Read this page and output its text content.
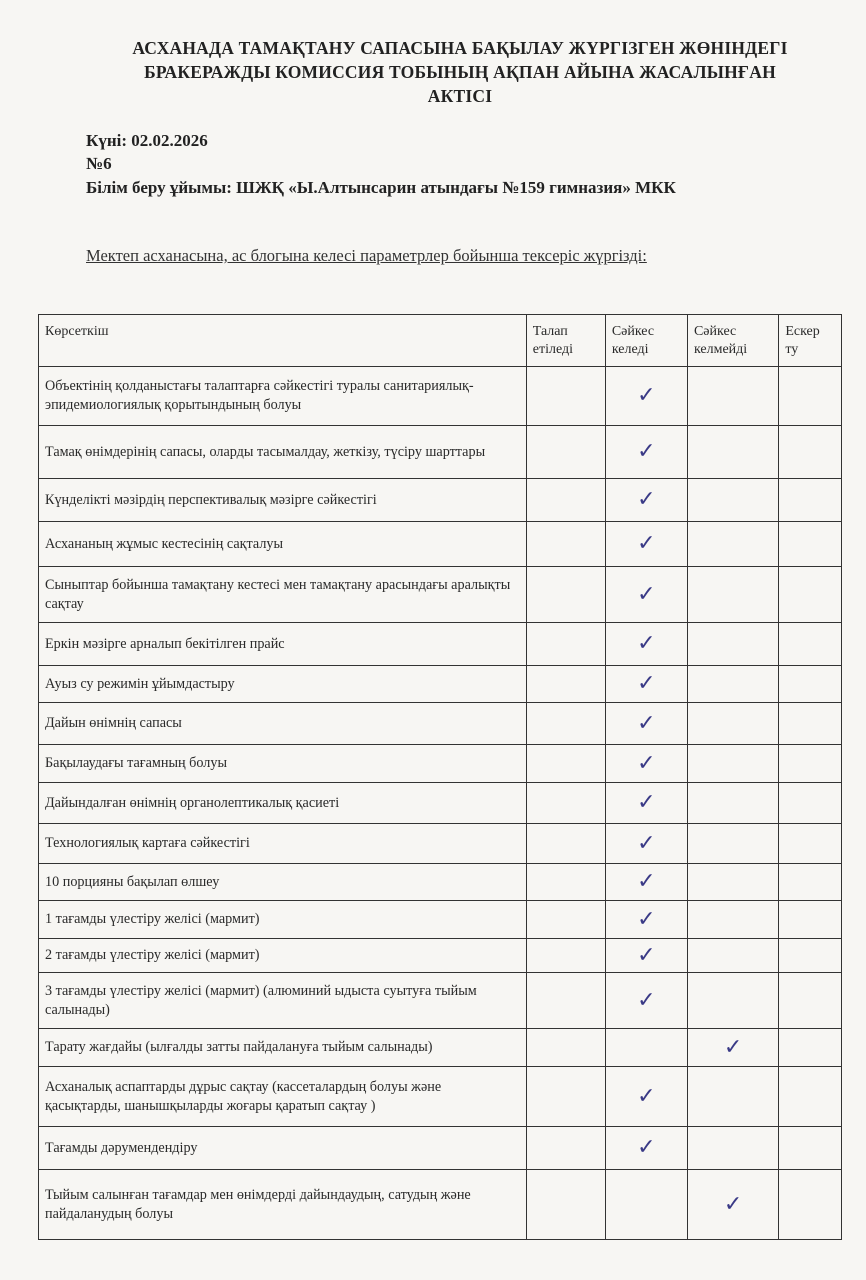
АСХАНАДА ТАМАҚТАНУ САПАСЫНА БАҚЫЛАУ ЖҮРГІЗГЕН ЖӨНІНДЕГІ
БРАКЕРАЖДЫ КОМИССИЯ ТОБЫНЫҢ АҚПАН АЙЫНА ЖАСАЛЫНҒАН
АКТІСІ
Күні: 02.02.2026
№6
Білім беру ұйымы: ШЖҚ «Ы.Алтынсарин атындағы №159 гимназия» МКК
Мектеп асханасына, ас блогына келесі параметрлер бойынша тексеріс жүргізді:
Көрсеткіш	Талап етіледі	Сәйкес келеді	Сәйкес келмейді	Ескер ту
Объектінің қолданыстағы талаптарға сәйкестігі туралы санитариялық-эпидемиологиялық қорытындының болуы		✓		

Тамақ өнімдерінің сапасы, оларды тасымалдау, жеткізу, түсіру шарттары		✓		

Күнделікті мәзірдің перспективалық мәзірге сәйкестігі		✓		

Асхананың жұмыс кестесінің сақталуы		✓		

Сыныптар бойынша тамақтану кестесі мен тамақтану арасындағы аралықты сақтау		✓		

Еркін мәзірге арналып бекітілген прайс		✓		

Ауыз су режимін ұйымдастыру		✓		

Дайын өнімнің сапасы		✓		

Бақылаудағы тағамның болуы		✓		

Дайындалған өнімнің органолептикалық қасиеті		✓		

Технологиялық картаға сәйкестігі		✓		

10 порцияны бақылап өлшеу		✓		

1 тағамды үлестіру желісі (мармит)		✓		

2 тағамды үлестіру желісі (мармит)		✓		

3 тағамды үлестіру желісі (мармит) (алюминий ыдыста суытуға тыйым салынады)		✓		

Тарату жағдайы (ылғалды затты пайдалануға тыйым салынады)			✓	

Асханалық аспаптарды дұрыс сақтау (кассеталардың болуы және қасықтарды, шанышқыларды жоғары қаратып сақтау )		✓		

Тағамды дәрумендендіру		✓		

Тыйым салынған тағамдар мен өнімдерді дайындаудың, сатудың және пайдаланудың болуы			✓	
